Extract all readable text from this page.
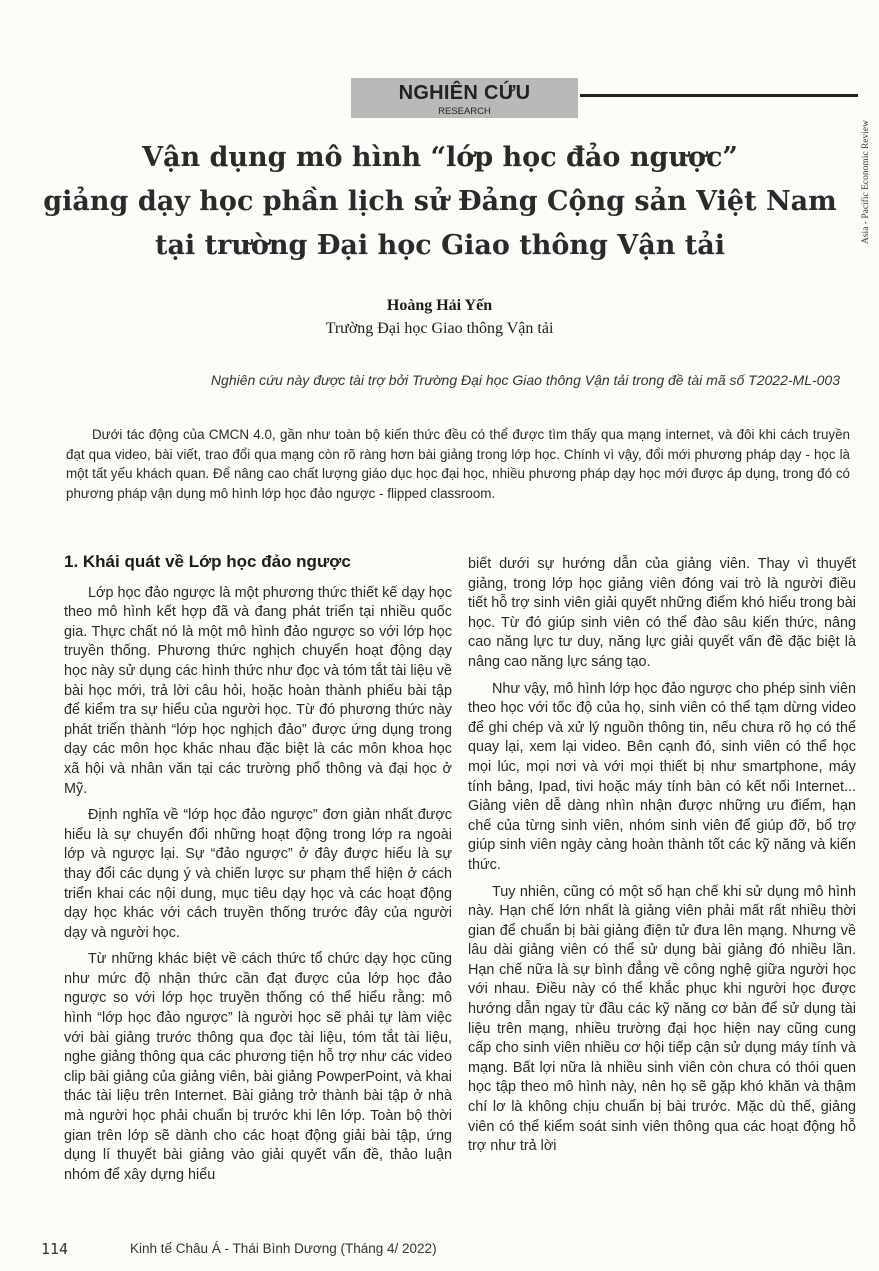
NGHIÊN CỨU
RESEARCH
Asia - Pacific Economic Review
Vận dụng mô hình “lớp học đảo ngược”
giảng dạy học phần lịch sử Đảng Cộng sản Việt Nam
tại trường Đại học Giao thông Vận tải
Hoàng Hải Yến
Trường Đại học Giao thông Vận tải
Nghiên cứu này được tài trợ bởi Trường Đại học Giao thông Vận tải trong đề tài mã số T2022-ML-003

Dưới tác động của CMCN 4.0, gần như toàn bộ kiến thức đều có thể được tìm thấy qua mạng internet, và đôi khi cách truyền đạt qua video, bài viết, trao đổi qua mạng còn rõ ràng hơn bài giảng trong lớp học. Chính vì vậy, đổi mới phương pháp dạy - học là một tất yếu khách quan. Để nâng cao chất lượng giáo dục học đại học, nhiều phương pháp dạy học mới được áp dụng, trong đó có phương pháp vận dụng mô hình lớp học đảo ngược - flipped classroom.

1. Khái quát về Lớp học đảo ngược

Lớp học đảo ngược là một phương thức thiết kế dạy học theo mô hình kết hợp đã và đang phát triển tại nhiều quốc gia. Thực chất nó là một mô hình đảo ngược so với lớp học truyền thống. Phương thức nghịch chuyển hoạt động dạy học này sử dụng các hình thức như đọc và tóm tắt tài liệu về bài học mới, trả lời câu hỏi, hoặc hoàn thành phiếu bài tập để kiểm tra sự hiểu của người học. Từ đó phương thức này phát triển thành “lớp học nghịch đảo” được ứng dụng trong dạy các môn học khác nhau đặc biệt là các môn khoa học xã hội và nhân văn tại các trường phổ thông và đại học ở Mỹ.

Định nghĩa về “lớp học đảo ngược” đơn giản nhất được hiểu là sự chuyển đổi những hoạt động trong lớp ra ngoài lớp và ngược lại. Sự “đảo ngược” ở đây được hiểu là sự thay đổi các dụng ý và chiến lược sư phạm thể hiện ở cách triển khai các nội dung, mục tiêu dạy học và các hoạt động dạy học khác với cách truyền thống trước đây của người dạy và người học.

Từ những khác biệt về cách thức tổ chức dạy học cũng như mức độ nhận thức cần đạt được của lớp học đảo ngược so với lớp học truyền thống có thể hiểu rằng: mô hình “lớp học đảo ngược” là người học sẽ phải tự làm việc với bài giảng trước thông qua đọc tài liệu, tóm tắt tài liệu, nghe giảng thông qua các phương tiện hỗ trợ như các video clip bài giảng của giảng viên, bài giảng PowperPoint, và khai thác tài liệu trên Internet. Bài giảng trở thành bài tập ở nhà mà người học phải chuẩn bị trước khi lên lớp. Toàn bộ thời gian trên lớp sẽ dành cho các hoạt động giải bài tập, ứng dụng lí thuyết bài giảng vào giải quyết vấn đề, thảo luận nhóm để xây dựng hiểu

biết dưới sự hướng dẫn của giảng viên. Thay vì thuyết giảng, trong lớp học giảng viên đóng vai trò là người điều tiết hỗ trợ sinh viên giải quyết những điểm khó hiểu trong bài học. Từ đó giúp sinh viên có thể đào sâu kiến thức, nâng cao năng lực tư duy, năng lực giải quyết vấn đề đặc biệt là nâng cao năng lực sáng tạo.

Như vậy, mô hình lớp học đảo ngược cho phép sinh viên theo học với tốc độ của họ, sinh viên có thể tạm dừng video để ghi chép và xử lý nguồn thông tin, nếu chưa rõ họ có thể quay lại, xem lại video. Bên cạnh đó, sinh viên có thể học mọi lúc, mọi nơi và với mọi thiết bị như smartphone, máy tính bảng, Ipad, tivi hoặc máy tính bàn có kết nối Internet... Giảng viên dễ dàng nhìn nhận được những ưu điểm, hạn chế của từng sinh viên, nhóm sinh viên để giúp đỡ, bổ trợ giúp sinh viên ngày càng hoàn thành tốt các kỹ năng và kiến thức.

Tuy nhiên, cũng có một số hạn chế khi sử dụng mô hình này. Hạn chế lớn nhất là giảng viên phải mất rất nhiều thời gian để chuẩn bị bài giảng điện tử đưa lên mạng. Nhưng về lâu dài giảng viên có thể sử dụng bài giảng đó nhiều lần. Hạn chế nữa là sự bình đẳng về công nghệ giữa người học với nhau. Điều này có thể khắc phục khi người học được hướng dẫn ngay từ đầu các kỹ năng cơ bản để sử dụng tài liệu trên mạng, nhiều trường đại học hiện nay cũng cung cấp cho sinh viên nhiều cơ hội tiếp cận sử dụng máy tính và mạng. Bất lợi nữa là nhiều sinh viên còn chưa có thói quen học tập theo mô hình này, nên họ sẽ gặp khó khăn và thậm chí lơ là không chịu chuẩn bị bài trước. Mặc dù thế, giảng viên có thể kiểm soát sinh viên thông qua các hoạt động hỗ trợ như trả lời

114	Kinh tế Châu Á - Thái Bình Dương (Tháng 4/ 2022)
